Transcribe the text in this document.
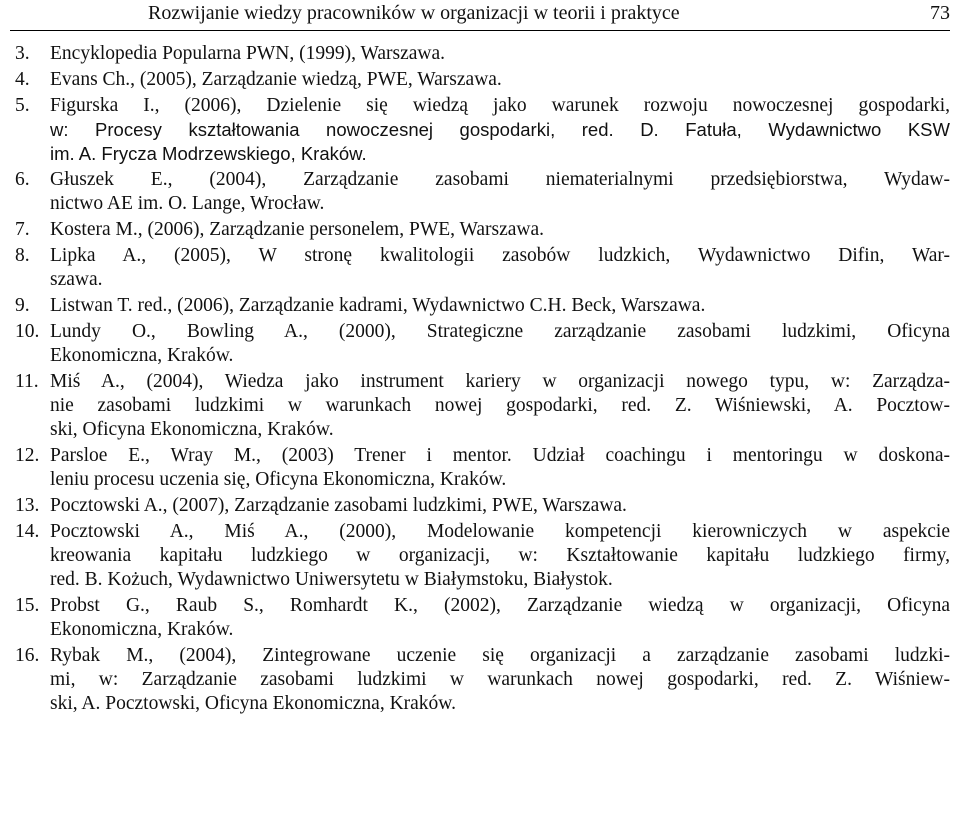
Rozwijanie wiedzy pracowników w organizacji w teorii i praktyce	73
3.	Encyklopedia Popularna PWN, (1999), Warszawa.
4.	Evans Ch., (2005), Zarządzanie wiedzą, PWE, Warszawa.
5.	Figurska I., (2006), Dzielenie się wiedzą jako warunek rozwoju nowoczesnej gospodarki,
w: Procesy kształtowania nowoczesnej gospodarki, red. D. Fatuła, Wydawnictwo KSW
im. A. Frycza Modrzewskiego, Kraków.
6.	Głuszek E., (2004), Zarządzanie zasobami niematerialnymi przedsiębiorstwa, Wydaw-
nictwo AE im. O. Lange, Wrocław.
7.	Kostera M., (2006), Zarządzanie personelem, PWE, Warszawa.
8.	Lipka A., (2005), W stronę kwalitologii zasobów ludzkich, Wydawnictwo Difin, War-
szawa.
9.	Listwan T. red., (2006), Zarządzanie kadrami, Wydawnictwo C.H. Beck, Warszawa.
10. Lundy O., Bowling A., (2000), Strategiczne zarządzanie zasobami ludzkimi, Oficyna
Ekonomiczna, Kraków.
11. Miś A., (2004), Wiedza jako instrument kariery w organizacji nowego typu, w: Zarządza-
nie zasobami ludzkimi w warunkach nowej gospodarki, red. Z. Wiśniewski, A. Pocztow-
ski, Oficyna Ekonomiczna, Kraków.
12. Parsloe E., Wray M., (2003) Trener i mentor. Udział coachingu i mentoringu w doskona-
leniu procesu uczenia się, Oficyna Ekonomiczna, Kraków.
13. Pocztowski A., (2007), Zarządzanie zasobami ludzkimi, PWE, Warszawa.
14. Pocztowski A., Miś A., (2000), Modelowanie kompetencji kierowniczych w aspekcie
kreowania kapitału ludzkiego w organizacji, w: Kształtowanie kapitału ludzkiego firmy,
red. B. Kożuch, Wydawnictwo Uniwersytetu w Białymstoku, Białystok.
15. Probst G., Raub S., Romhardt K., (2002), Zarządzanie wiedzą w organizacji, Oficyna
Ekonomiczna, Kraków.
16. Rybak M., (2004), Zintegrowane uczenie się organizacji a zarządzanie zasobami ludzki-
mi, w: Zarządzanie zasobami ludzkimi w warunkach nowej gospodarki, red. Z. Wiśniew-
ski, A. Pocztowski, Oficyna Ekonomiczna, Kraków.
